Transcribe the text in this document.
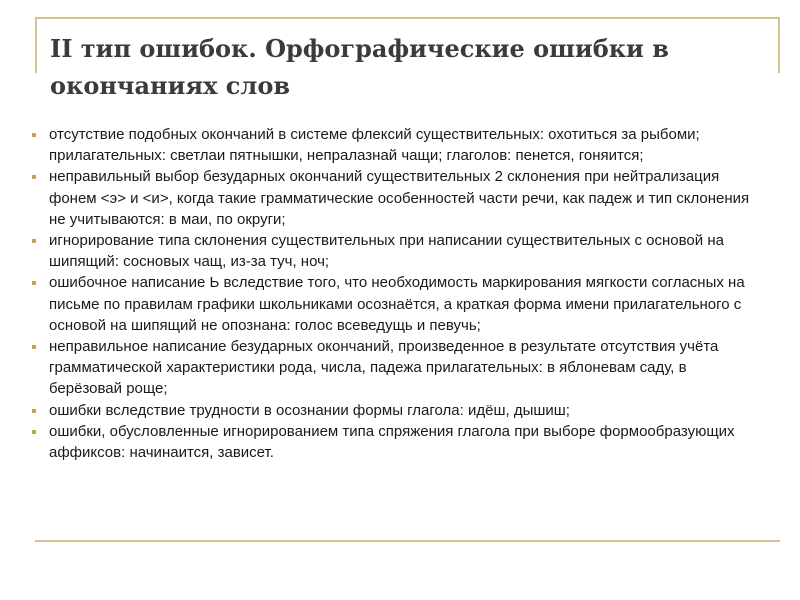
II тип ошибок. Орфографические ошибки в окончаниях слов
отсутствие подобных окончаний в системе флексий существительных: охотиться за рыбоми; прилагательных: светлаи пятнышки, непралазнай чащи; глаголов: пенется, гоняится;
неправильный выбор безударных окончаний существительных 2 склонения при нейтрализация фонем <э> и <и>, когда такие грамматические особенностей части речи, как падеж и тип склонения не учитываются: в маи, по округи;
игнорирование типа склонения существительных при написании существительных с основой на шипящий: сосновых чащ, из-за туч, ноч;
ошибочное написание Ь вследствие того, что необходимость маркирования мягкости согласных на письме по правилам графики школьниками осознаётся, а краткая форма имени прилагательного с основой на шипящий не опознана: голос всеведущь и певучь;
неправильное написание безударных окончаний, произведенное в результате отсутствия учёта грамматической характеристики рода, числа, падежа прилагательных: в яблоневам саду, в берёзовай роще;
ошибки вследствие трудности в осознании формы глагола: идёш, дышиш;
ошибки, обусловленные игнорированием типа спряжения глагола при выборе формообразующих аффиксов: начинаится, зависет.
